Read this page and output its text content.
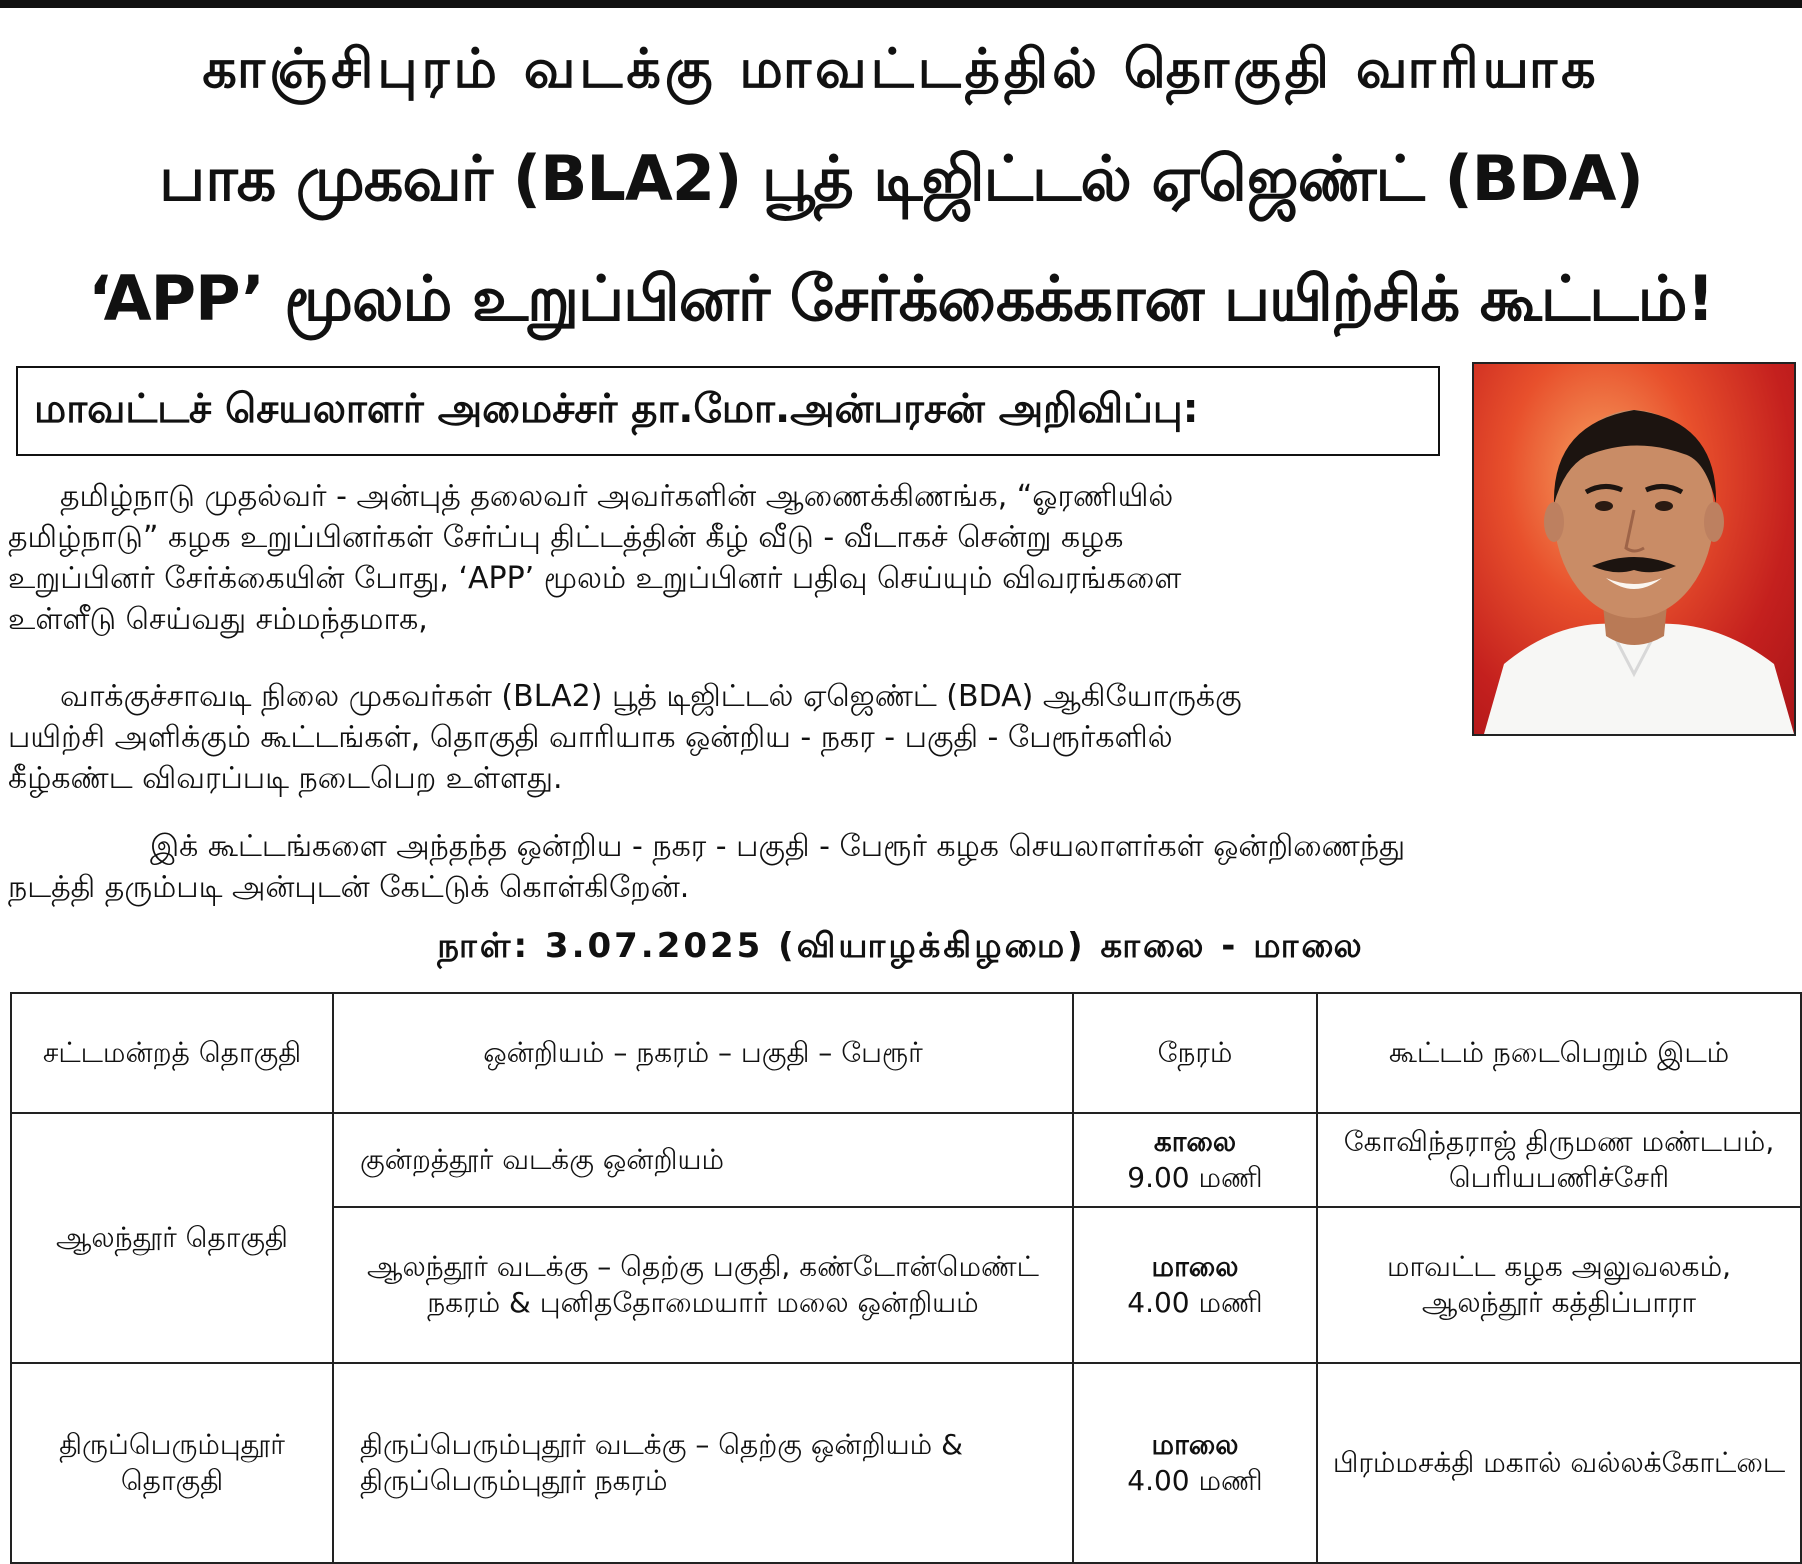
காஞ்சிபுரம் வடக்கு மாவட்டத்தில் தொகுதி வாரியாக
பாக முகவர் (BLA2) பூத் டிஜிட்டல் ஏஜெண்ட் (BDA)
‘APP’ மூலம் உறுப்பினர் சேர்க்கைக்கான பயிற்சிக் கூட்டம்!
மாவட்டச் செயலாளர் அமைச்சர் தா.மோ.அன்பரசன் அறிவிப்பு:
தமிழ்நாடு முதல்வர் - அன்புத் தலைவர் அவர்களின் ஆணைக்கிணங்க, “ஓரணியில்
தமிழ்நாடு” கழக உறுப்பினர்கள் சேர்ப்பு திட்டத்தின் கீழ் வீடு - வீடாகச் சென்று கழக
உறுப்பினர் சேர்க்கையின் போது, ‘APP’ மூலம் உறுப்பினர் பதிவு செய்யும் விவரங்களை
உள்ளீடு செய்வது சம்மந்தமாக,
வாக்குச்சாவடி நிலை முகவர்கள் (BLA2) பூத் டிஜிட்டல் ஏஜெண்ட் (BDA) ஆகியோருக்கு
பயிற்சி அளிக்கும் கூட்டங்கள், தொகுதி வாரியாக ஒன்றிய - நகர - பகுதி - பேரூர்களில்
கீழ்கண்ட விவரப்படி நடைபெற உள்ளது.
இக் கூட்டங்களை அந்தந்த ஒன்றிய - நகர - பகுதி - பேரூர் கழக செயலாளர்கள் ஒன்றிணைந்து
நடத்தி தரும்படி அன்புடன் கேட்டுக் கொள்கிறேன்.
நாள்: 3.07.2025 (வியாழக்கிழமை) காலை - மாலை
சட்டமன்றத் தொகுதி	ஒன்றியம் – நகரம் – பகுதி – பேரூர்	நேரம்	கூட்டம் நடைபெறும் இடம்
ஆலந்தூர் தொகுதி	குன்றத்தூர் வடக்கு ஒன்றியம்	காலை
9.00 மணி	கோவிந்தராஜ் திருமண மண்டபம், பெரியபணிச்சேரி
	ஆலந்தூர் வடக்கு – தெற்கு பகுதி, கண்டோன்மெண்ட் நகரம் & புனிததோமையார் மலை ஒன்றியம்	மாலை
4.00 மணி	மாவட்ட கழக அலுவலகம், ஆலந்தூர் கத்திப்பாரா
திருப்பெரும்புதூர் தொகுதி	திருப்பெரும்புதூர் வடக்கு – தெற்கு ஒன்றியம் & திருப்பெரும்புதூர் நகரம்	மாலை
4.00 மணி	பிரம்மசக்தி மகால் வல்லக்கோட்டை
